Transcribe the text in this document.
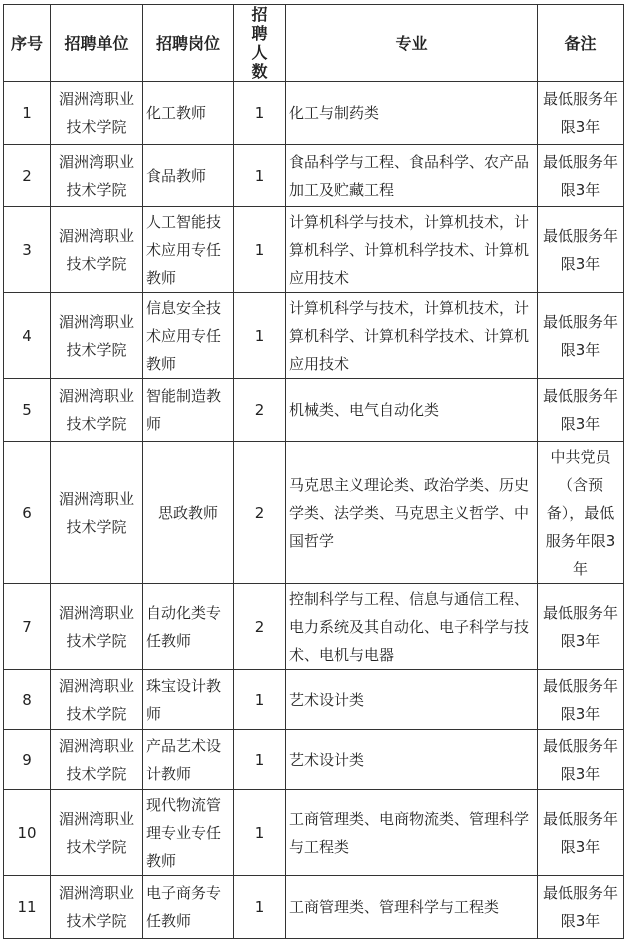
序号	招聘单位	招聘岗位	招聘人数	专业	备注
1	湄洲湾职业技术学院	化工教师	1	化工与制药类	最低服务年限3年
2	湄洲湾职业技术学院	食品教师	1	食品科学与工程、食品科学、农产品加工及贮藏工程	最低服务年限3年
3	湄洲湾职业技术学院	人工智能技术应用专任教师	1	计算机科学与技术，计算机技术，计算机科学、计算机科学技术、计算机应用技术	最低服务年限3年
4	湄洲湾职业技术学院	信息安全技术应用专任教师	1	计算机科学与技术，计算机技术，计算机科学、计算机科学技术、计算机应用技术	最低服务年限3年
5	湄洲湾职业技术学院	智能制造教师	2	机械类、电气自动化类	最低服务年限3年
6	湄洲湾职业技术学院	思政教师	2	马克思主义理论类、政治学类、历史学类、法学类、马克思主义哲学、中国哲学	中共党员（含预备），最低服务年限3年
7	湄洲湾职业技术学院	自动化类专任教师	2	控制科学与工程、信息与通信工程、电力系统及其自动化、电子科学与技术、电机与电器	最低服务年限3年
8	湄洲湾职业技术学院	珠宝设计教师	1	艺术设计类	最低服务年限3年
9	湄洲湾职业技术学院	产品艺术设计教师	1	艺术设计类	最低服务年限3年
10	湄洲湾职业技术学院	现代物流管理专业专任教师	1	工商管理类、电商物流类、管理科学与工程类	最低服务年限3年
11	湄洲湾职业技术学院	电子商务专任教师	1	工商管理类、管理科学与工程类	最低服务年限3年
